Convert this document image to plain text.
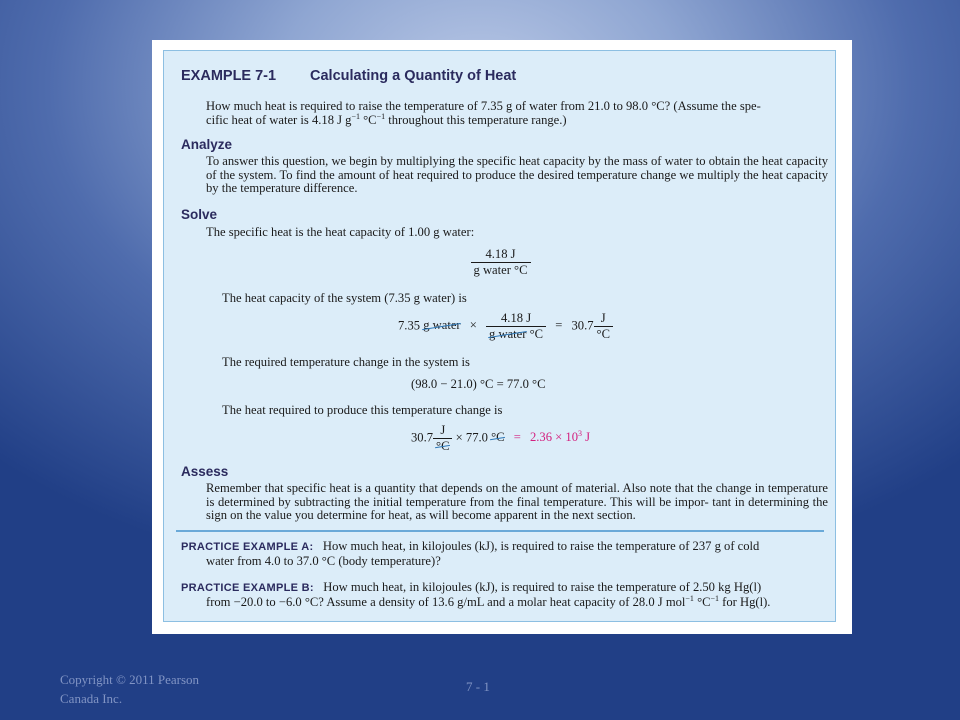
EXAMPLE 7-1 Calculating a Quantity of Heat
How much heat is required to raise the temperature of 7.35 g of water from 21.0 to 98.0 °C? (Assume the spe-
cific heat of water is 4.18 J $g^{-1}$ $^\circ C^{-1}$ throughout this temperature range.)
Analyze
To answer this question, we begin by multiplying the specific heat capacity by the mass of water to obtain the heat capacity of the system. To find the amount of heat required to produce the desired temperature change we multiply the heat capacity by the temperature difference.
Solve
The specific heat is the heat capacity of 1.00 g water:
$\frac{4.18 J}{\text{g water °C}}$
The heat capacity of the system (7.35 g water) is
7.35 g water × $\frac{4.18 J}{\text{g water °C}} = 30.7 \frac{J}{^\circ C}$
The required temperature change in the system is
(98.0 − 21.0) °C = 77.0 °C
The heat required to produce this temperature change is
$30.7 \frac{J}{^\circ C} \times 77.0$ $^\circ C = 2.36 \times 10^3$ J
Assess
Remember that specific heat is a quantity that depends on the amount of material. Also note that the change in temperature is determined by subtracting the initial temperature from the final temperature. This will be impor- tant in determining the sign on the value you determine for heat, as will become apparent in the next section.
PRACTICE EXAMPLE A: How much heat, in kilojoules (kJ), is required to raise the temperature of 237 g of cold
water from 4.0 to 37.0 °C (body temperature)?
PRACTICE EXAMPLE B: How much heat, in kilojoules (kJ), is required to raise the temperature of 2.50 kg Hg(l)
from −20.0 to −6.0 °C? Assume a density of 13.6 g/mL and a molar heat capacity of 28.0 J mol$^{-1}$ $^\circ C^{-1}$ for Hg(l).
Copyright © 2011 Pearson
Canada Inc.
7 - 1
